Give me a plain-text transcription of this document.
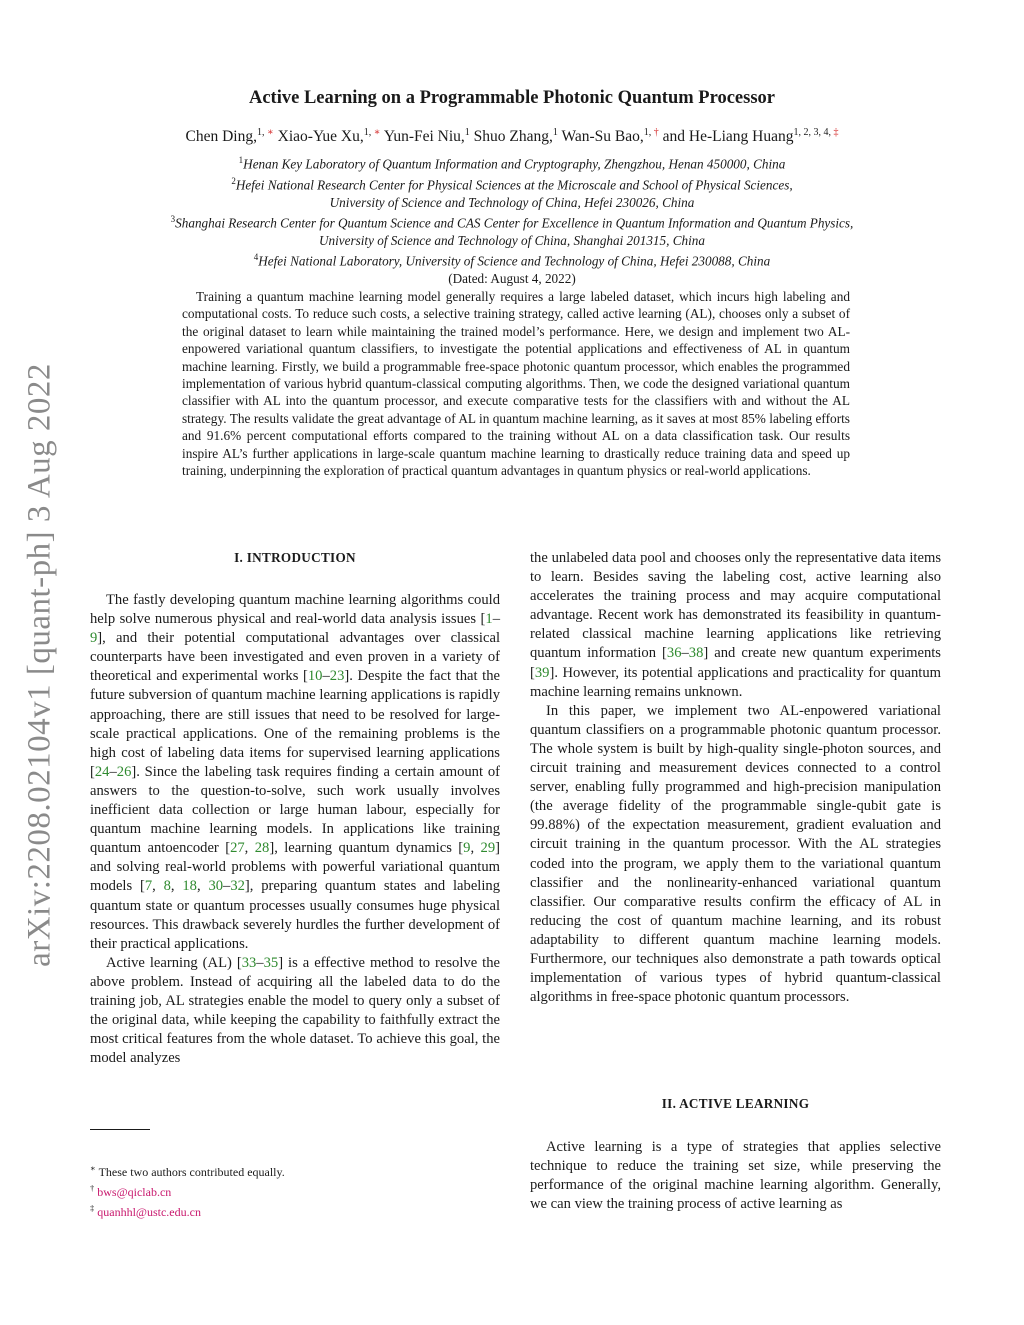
arXiv:2208.02104v1 [quant-ph] 3 Aug 2022
Active Learning on a Programmable Photonic Quantum Processor
Chen Ding,$^{1, ∗}$ Xiao-Yue Xu,$^{1, ∗}$ Yun-Fei Niu,$^1$ Shuo Zhang,$^1$ Wan-Su Bao,$^{1, \dagger}$ and He-Liang Huang$^{1, 2, 3, 4, \ddagger}$
$^1$Henan Key Laboratory of Quantum Information and Cryptography, Zhengzhou, Henan 450000, China
$^2$Hefei National Research Center for Physical Sciences at the Microscale and School of Physical Sciences,
University of Science and Technology of China, Hefei 230026, China
$^3$Shanghai Research Center for Quantum Science and CAS Center for Excellence in Quantum Information and Quantum Physics,
University of Science and Technology of China, Shanghai 201315, China
$^4$Hefei National Laboratory, University of Science and Technology of China, Hefei 230088, China
(Dated: August 4, 2022)

Training a quantum machine learning model generally requires a large labeled dataset, which incurs high labeling and computational costs. To reduce such costs, a selective training strategy, called active learning (AL), chooses only a subset of the original dataset to learn while maintaining the trained model’s performance. Here, we design and implement two AL-enpowered variational quantum classifiers, to investigate the potential applications and effectiveness of AL in quantum machine learning. Firstly, we build a programmable free-space photonic quantum processor, which enables the programmed implementation of various hybrid quantum-classical computing algorithms. Then, we code the designed variational quantum classifier with AL into the quantum processor, and execute comparative tests for the classifiers with and without the AL strategy. The results validate the great advantage of AL in quantum machine learning, as it saves at most 85% labeling efforts and 91.6% percent computational efforts compared to the training without AL on a data classification task. Our results inspire AL’s further applications in large-scale quantum machine learning to drastically reduce training data and speed up training, underpinning the exploration of practical quantum advantages in quantum physics or real-world applications.

I. INTRODUCTION

The fastly developing quantum machine learning algorithms could help solve numerous physical and real-world data analysis issues [1–9], and their potential computational advantages over classical counterparts have been investigated and even proven in a variety of theoretical and experimental works [10–23]. Despite the fact that the future subversion of quantum machine learning applications is rapidly approaching, there are still issues that need to be resolved for large-scale practical applications. One of the remaining problems is the high cost of labeling data items for supervised learning applications [24–26]. Since the labeling task requires finding a certain amount of answers to the question-to-solve, such work usually involves inefficient data collection or large human labour, especially for quantum machine learning models. In applications like training quantum antoencoder [27, 28], learning quantum dynamics [9, 29] and solving real-world problems with powerful variational quantum models [7, 8, 18, 30–32], preparing quantum states and labeling quantum state or quantum processes usually consumes huge physical resources. This drawback severely hurdles the further development of their practical applications.

Active learning (AL) [33–35] is a effective method to resolve the above problem. Instead of acquiring all the labeled data to do the training job, AL strategies enable the model to query only a subset of the original data, while keeping the capability to faithfully extract the most critical features from the whole dataset. To achieve this goal, the model analyzes

the unlabeled data pool and chooses only the representative data items to learn. Besides saving the labeling cost, active learning also accelerates the training process and may acquire computational advantage. Recent work has demonstrated its feasibility in quantum-related classical machine learning applications like retrieving quantum information [36–38] and create new quantum experiments [39]. However, its potential applications and practicality for quantum machine learning remains unknown.

In this paper, we implement two AL-enpowered variational quantum classifiers on a programmable photonic quantum processor. The whole system is built by high-quality single-photon sources, and circuit training and measurement devices connected to a control server, enabling fully programmed and high-precision manipulation (the average fidelity of the programmable single-qubit gate is 99.88%) of the expectation measurement, gradient evaluation and circuit training in the quantum processor. With the AL strategies coded into the program, we apply them to the variational quantum classifier and the nonlinearity-enhanced variational quantum classifier. Our comparative results confirm the efficacy of AL in reducing the cost of quantum machine learning, and its robust adaptability to different quantum machine learning models. Furthermore, our techniques also demonstrate a path towards optical implementation of various types of hybrid quantum-classical algorithms in free-space photonic quantum processors.

II. ACTIVE LEARNING

Active learning is a type of strategies that applies selective technique to reduce the training set size, while preserving the performance of the original machine learning algorithm. Generally, we can view the training process of active learning as

∗ These two authors contributed equally.
† bws@qiclab.cn
‡ quanhhl@ustc.edu.cn
